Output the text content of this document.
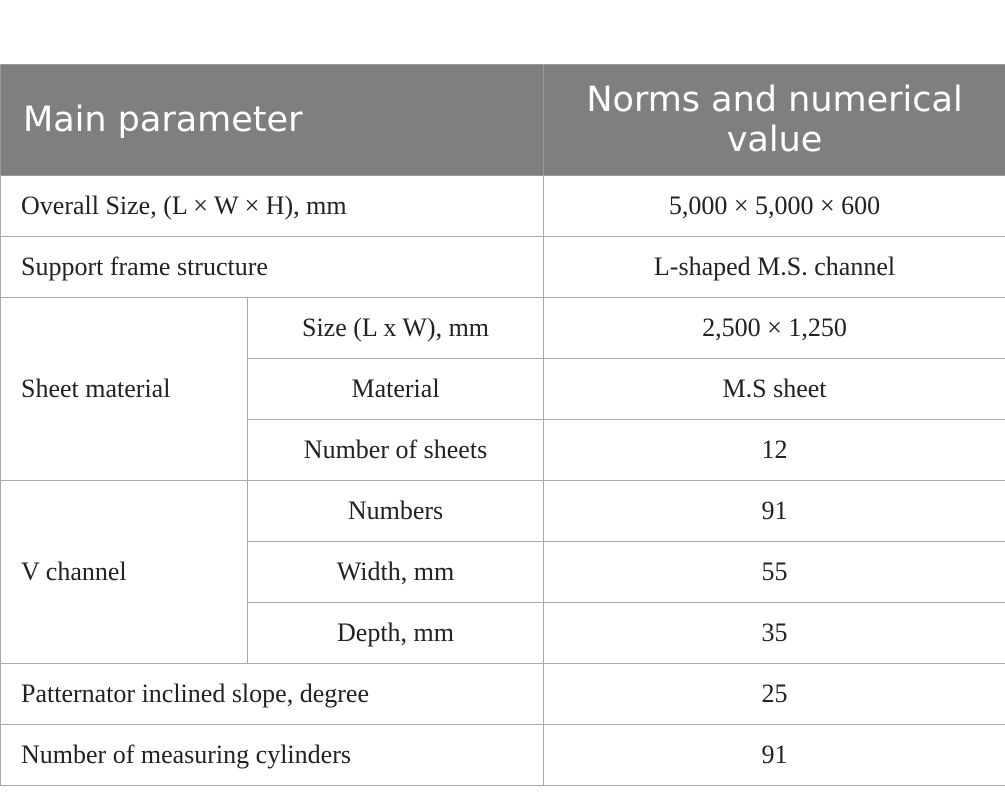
Main parameter		Norms and numerical value
Overall Size, (L × W × H), mm		5,000 × 5,000 × 600
Support frame structure		L-shaped M.S. channel
Sheet material	Size (L x W), mm	2,500 × 1,250
	Material	M.S sheet
	Number of sheets	12
V channel	Numbers	91
	Width, mm	55
	Depth, mm	35
Patternator inclined slope, degree		25
Number of measuring cylinders		91
